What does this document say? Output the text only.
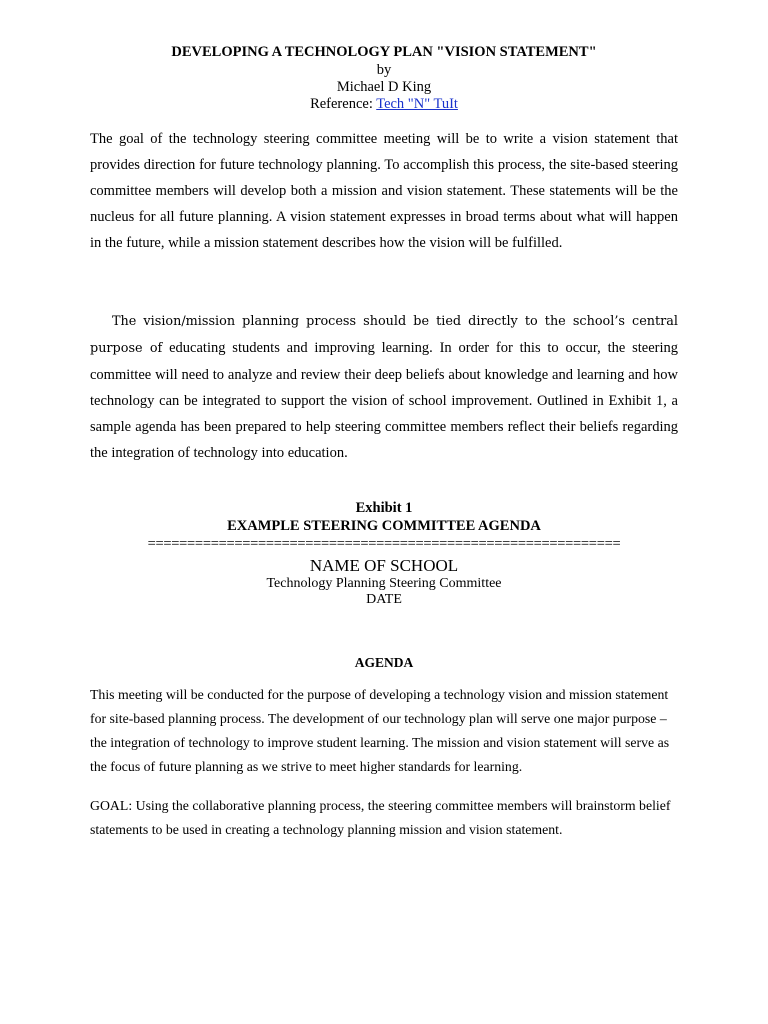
DEVELOPING A TECHNOLOGY PLAN "VISION STATEMENT"
by
Michael D King
Reference: Tech "N" TuIt

The goal of the technology steering committee meeting will be to write a vision statement that provides direction for future technology planning. To accomplish this process, the site-based steering committee members will develop both a mission and vision statement. These statements will be the nucleus for all future planning. A vision statement expresses in broad terms about what will happen in the future, while a mission statement describes how the vision will be fulfilled.

The vision/mission planning process should be tied directly to the school’s central purpose of educating students and improving learning. In order for this to occur, the steering committee will need to analyze and review their deep beliefs about knowledge and learning and how technology can be integrated to support the vision of school improvement. Outlined in Exhibit 1, a sample agenda has been prepared to help steering committee members reflect their beliefs regarding the integration of technology into education.

Exhibit 1
EXAMPLE STEERING COMMITTEE AGENDA
============================================================
NAME OF SCHOOL
Technology Planning Steering Committee
DATE
AGENDA

This meeting will be conducted for the purpose of developing a technology vision and mission statement for site-based planning process. The development of our technology plan will serve one major purpose – the integration of technology to improve student learning. The mission and vision statement will serve as the focus of future planning as we strive to meet higher standards for learning.

GOAL: Using the collaborative planning process, the steering committee members will brainstorm belief statements to be used in creating a technology planning mission and vision statement.
